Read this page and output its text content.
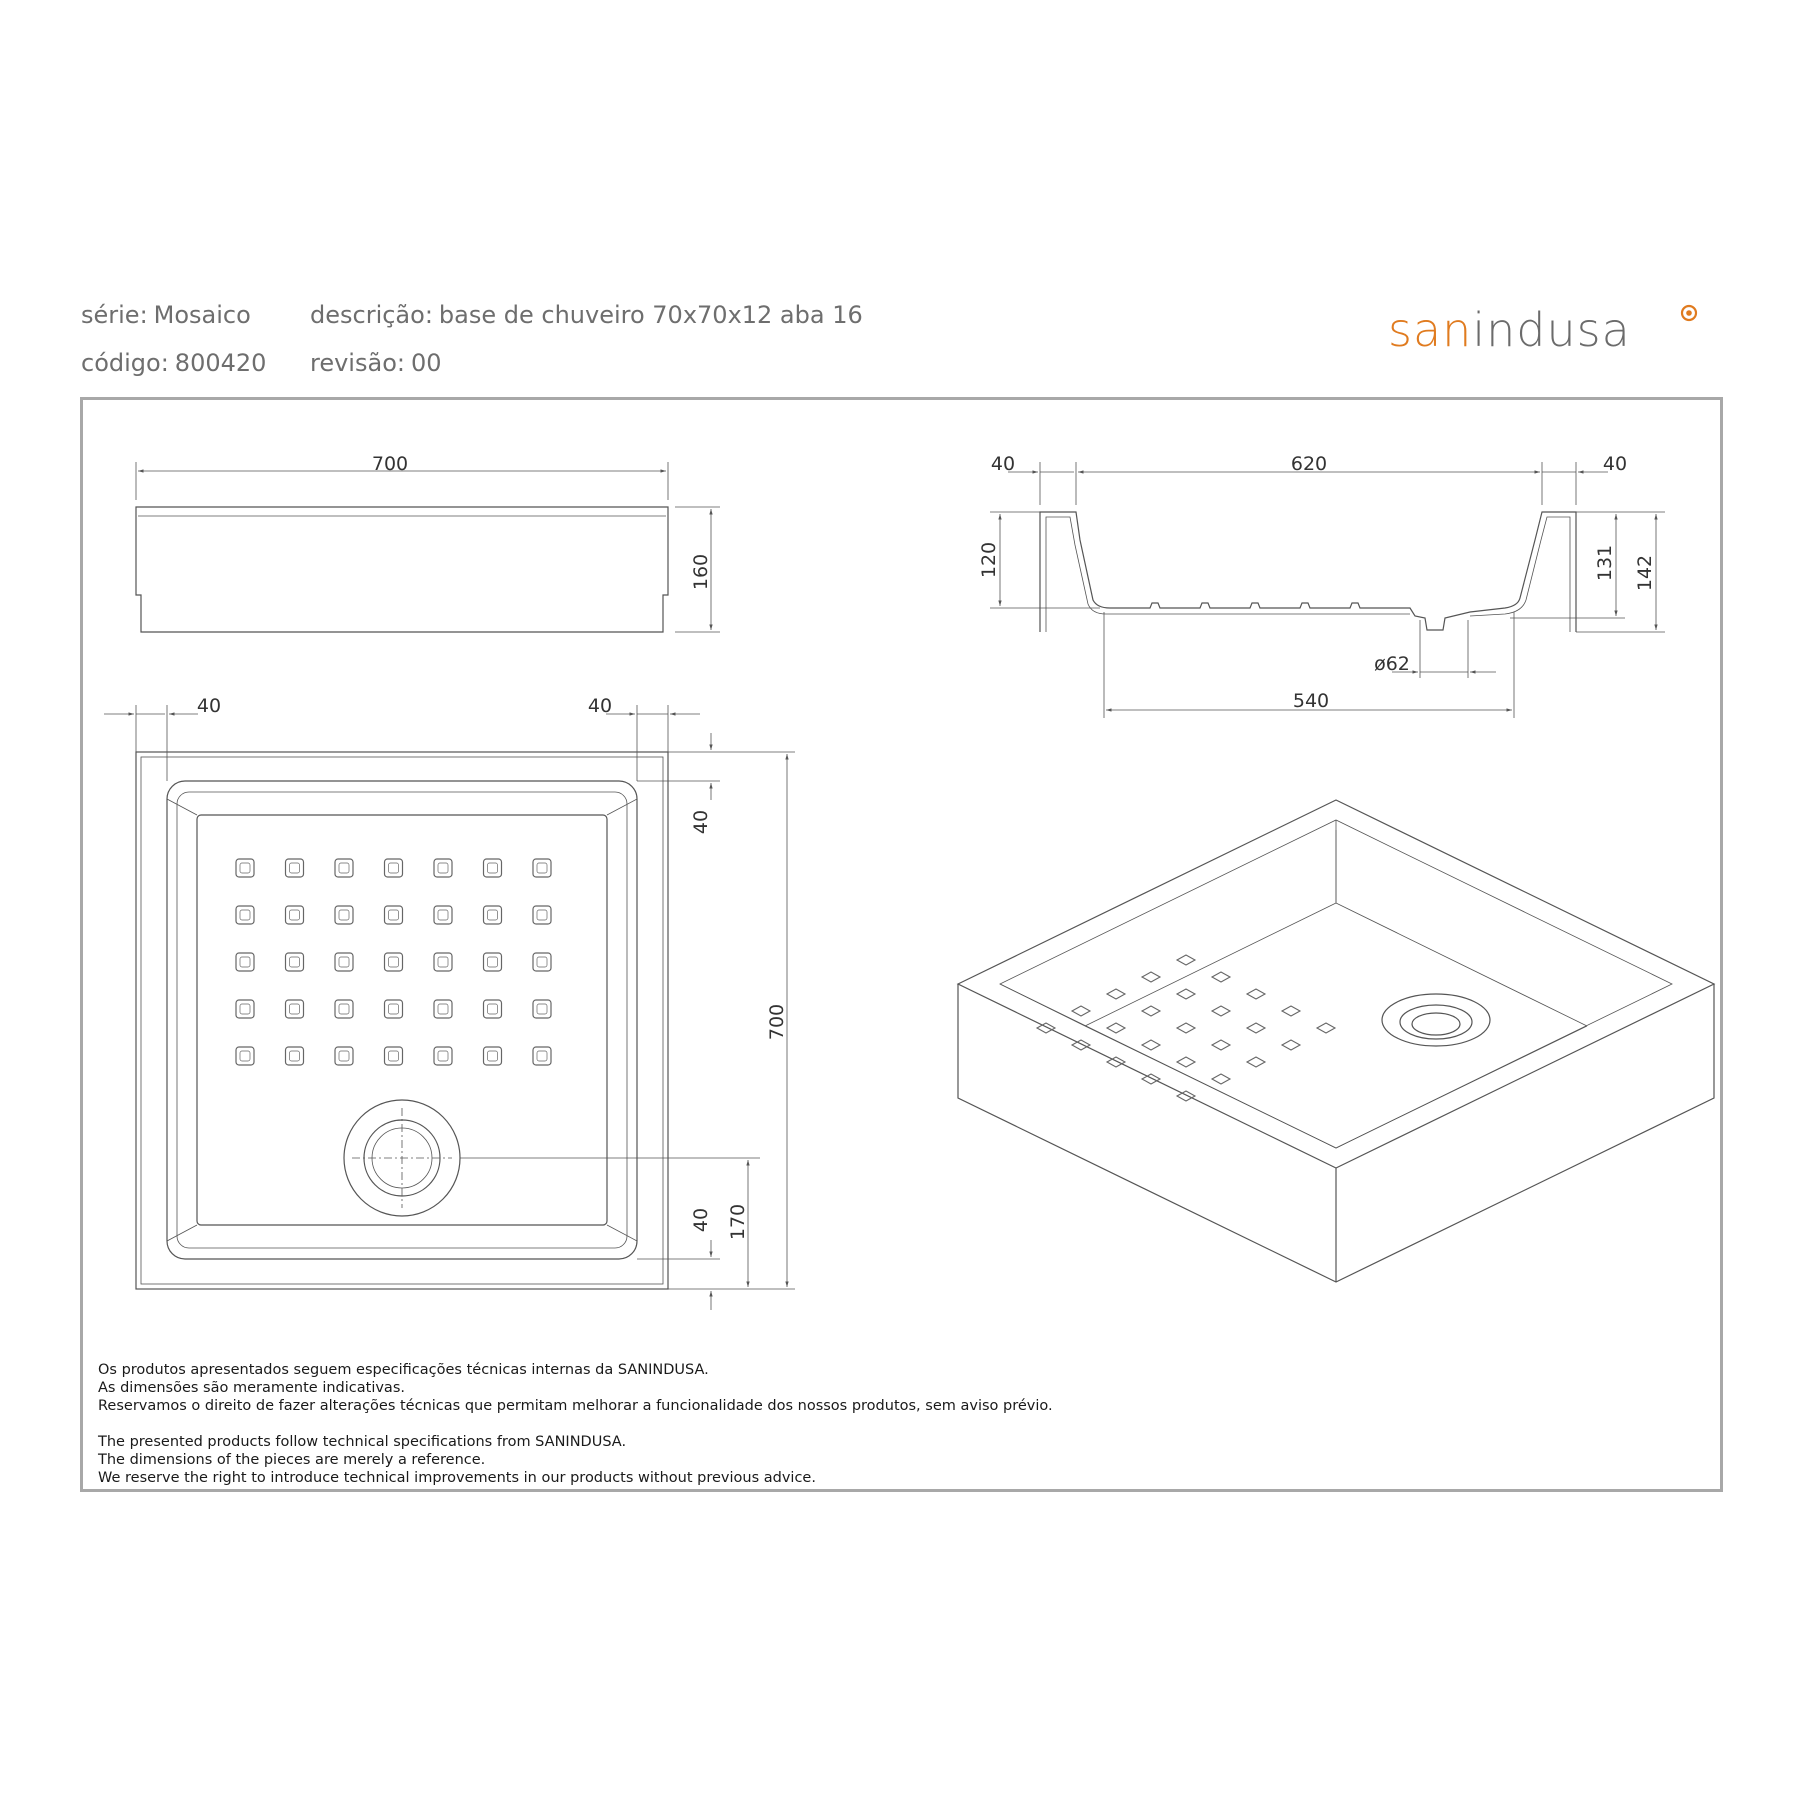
série: Mosaico
código: 800420
descrição: base de chuveiro 70x70x12 aba 16
revisão: 00
sanindusa
700
160
40	40
40
700
40 170
40	620	40
120	131 142
ø62
540
Os produtos apresentados seguem especificações técnicas internas da SANINDUSA.
As dimensões são meramente indicativas.
Reservamos o direito de fazer alterações técnicas que permitam melhorar a funcionalidade dos nossos produtos, sem aviso prévio.
The presented products follow technical specifications from SANINDUSA.
The dimensions of the pieces are merely a reference.
We reserve the right to introduce technical improvements in our products without previous advice.
